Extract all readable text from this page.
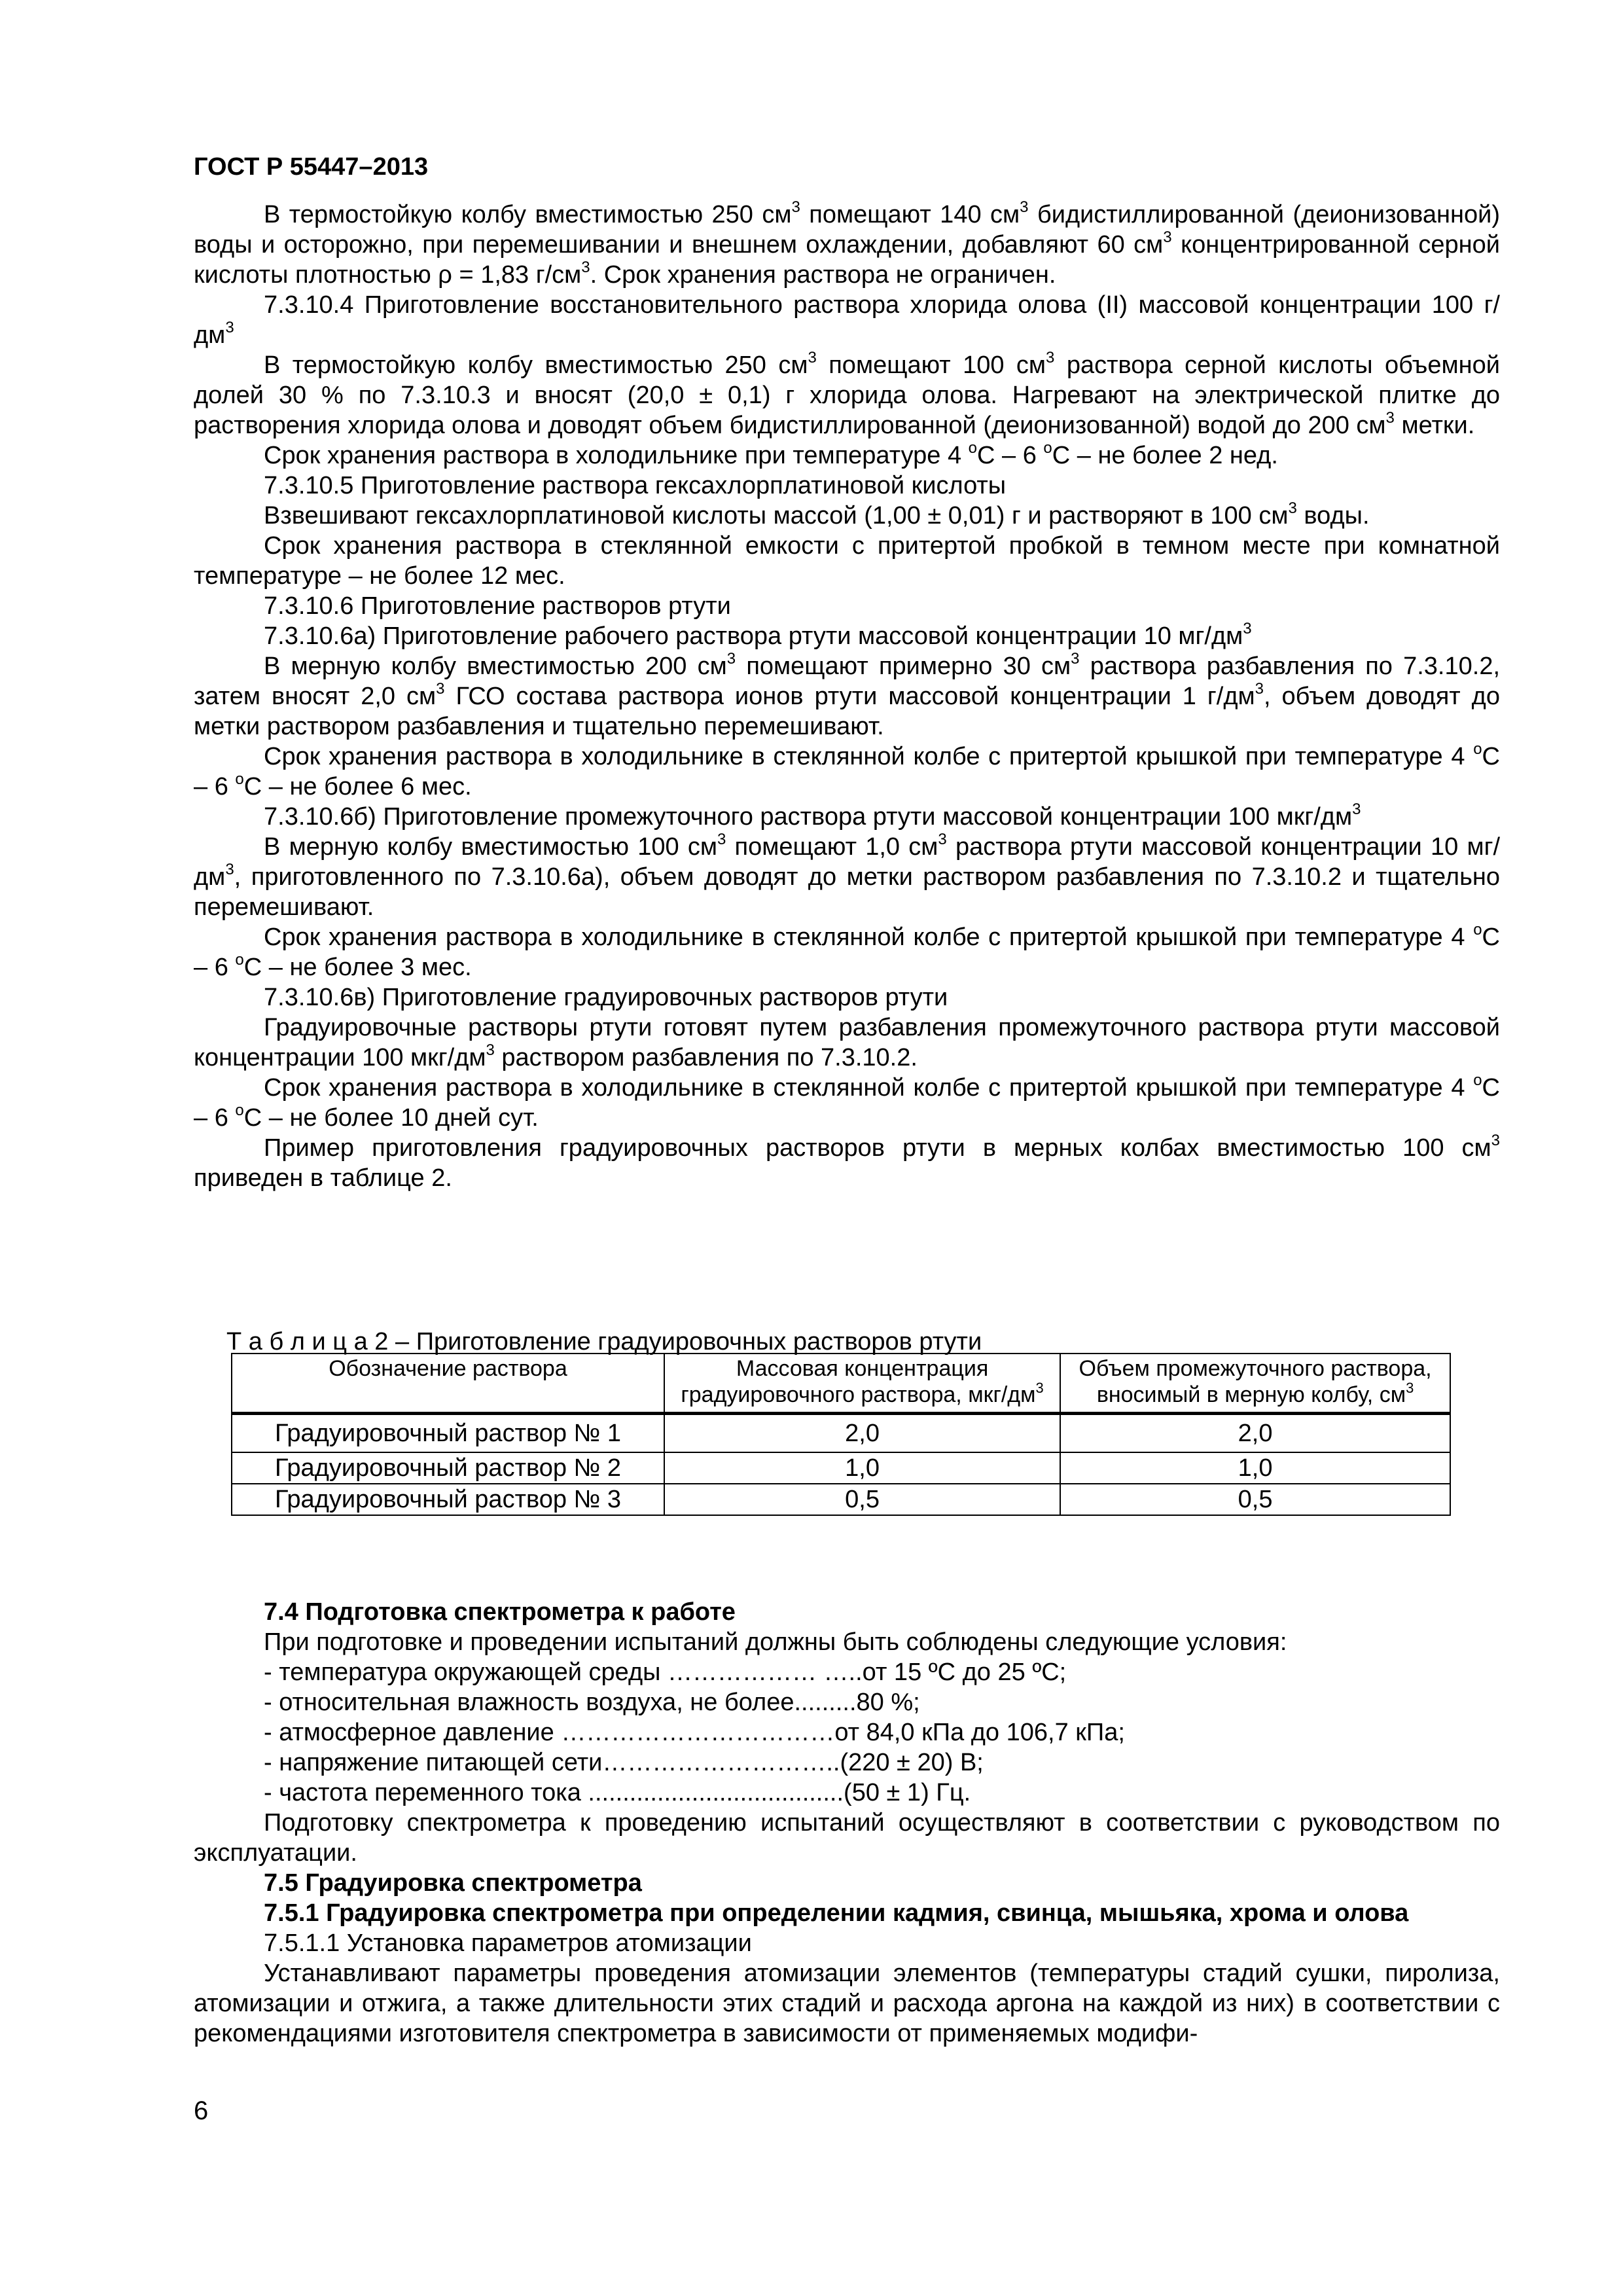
ГОСТ Р 55447–2013

В термостойкую колбу вместимостью 250 $см^3$ помещают 140 $см^3$ бидистиллированной (деионизованной) воды и осторожно, при перемешивании и внешнем охлаждении, добавляют 60 $см^3$ концентрированной серной кислоты плотностью ρ = 1,83 $г/см^3$. Срок хранения раствора не ограничен.

7.3.10.4 Приготовление восстановительного раствора хлорида олова (II) массовой концентрации 100 $г/дм^3$

В термостойкую колбу вместимостью 250 $см^3$ помещают 100 $см^3$ раствора серной кислоты объемной долей 30 % по 7.3.10.3 и вносят (20,0 ± 0,1) г хлорида олова. Нагревают на электрической плитке до растворения хлорида олова и доводят объем бидистиллированной (деионизованной) водой до 200 $см^3$ метки.

Срок хранения раствора в холодильнике при температуре 4 $^o$С – 6 $^o$С – не более 2 нед.

7.3.10.5 Приготовление раствора гексахлорплатиновой кислоты

Взвешивают гексахлорплатиновой кислоты массой (1,00 ± 0,01) г и растворяют в 100 $см^3$ воды.

Срок хранения раствора в стеклянной емкости с притертой пробкой в темном месте при комнатной температуре – не более 12 мес.

7.3.10.6 Приготовление растворов ртути

7.3.10.6а) Приготовление рабочего раствора ртути массовой концентрации 10 $мг/дм^3$

В мерную колбу вместимостью 200 $см^3$ помещают примерно 30 $см^3$ раствора разбавления по 7.3.10.2, затем вносят 2,0 $см^3$ ГСО состава раствора ионов ртути массовой концентрации 1 $г/дм^3$, объем доводят до метки раствором разбавления и тщательно перемешивают.

Срок хранения раствора в холодильнике в стеклянной колбе с притертой крышкой при температуре 4 $^o$С – 6 $^o$С – не более 6 мес.

7.3.10.6б) Приготовление промежуточного раствора ртути массовой концентрации 100 мкг/$дм^3$

В мерную колбу вместимостью 100 $см^3$ помещают 1,0 $см^3$ раствора ртути массовой концентрации 10 $мг/дм^3$, приготовленного по 7.3.10.6а), объем доводят до метки раствором разбавления по 7.3.10.2 и тщательно перемешивают.

Срок хранения раствора в холодильнике в стеклянной колбе с притертой крышкой при температуре 4 $^o$С – 6 $^o$С – не более 3 мес.

7.3.10.6в) Приготовление градуировочных растворов ртути

Градуировочные растворы ртути готовят путем разбавления промежуточного раствора ртути массовой концентрации 100 мкг/$дм^3$ раствором разбавления по 7.3.10.2.

Срок хранения раствора в холодильнике в стеклянной колбе с притертой крышкой при температуре 4 $^o$С – 6 $^o$С – не более 10 дней сут.

Пример приготовления градуировочных растворов ртути в мерных колбах вместимостью 100 $см^3$ приведен в таблице 2.

Т а б л и ц а 2 – Приготовление градуировочных растворов ртути

Обозначение раствора	Массовая концентрация градуировочного раствора, мкг/$дм^3$	Объем промежуточного раствора, вносимый в мерную колбу, $см^3$
Градуировочный раствор № 1	2,0	2,0
Градуировочный раствор № 2	1,0	1,0
Градуировочный раствор № 3	0,5	0,5

7.4 Подготовка спектрометра к работе

При подготовке и проведении испытаний должны быть соблюдены следующие условия:

- температура окружающей среды ……………… …..от 15 ºС до 25 ºС;

- относительная влажность воздуха, не более.........80 %;

- атмосферное давление ……………………………от 84,0 кПа до 106,7 кПа;

- напряжение питающей сети………………………..(220 ± 20) В;

- частота переменного тока .....................................(50 ± 1) Гц.

Подготовку спектрометра к проведению испытаний осуществляют в соответствии с руководством по эксплуатации.

7.5 Градуировка спектрометра

7.5.1 Градуировка спектрометра при определении кадмия, свинца, мышьяка, хрома и олова

7.5.1.1 Установка параметров атомизации

Устанавливают параметры проведения атомизации элементов (температуры стадий сушки, пиролиза, атомизации и отжига, а также длительности этих стадий и расхода аргона на каждой из них) в соответствии с рекомендациями изготовителя спектрометра в зависимости от применяемых модифи-

6
